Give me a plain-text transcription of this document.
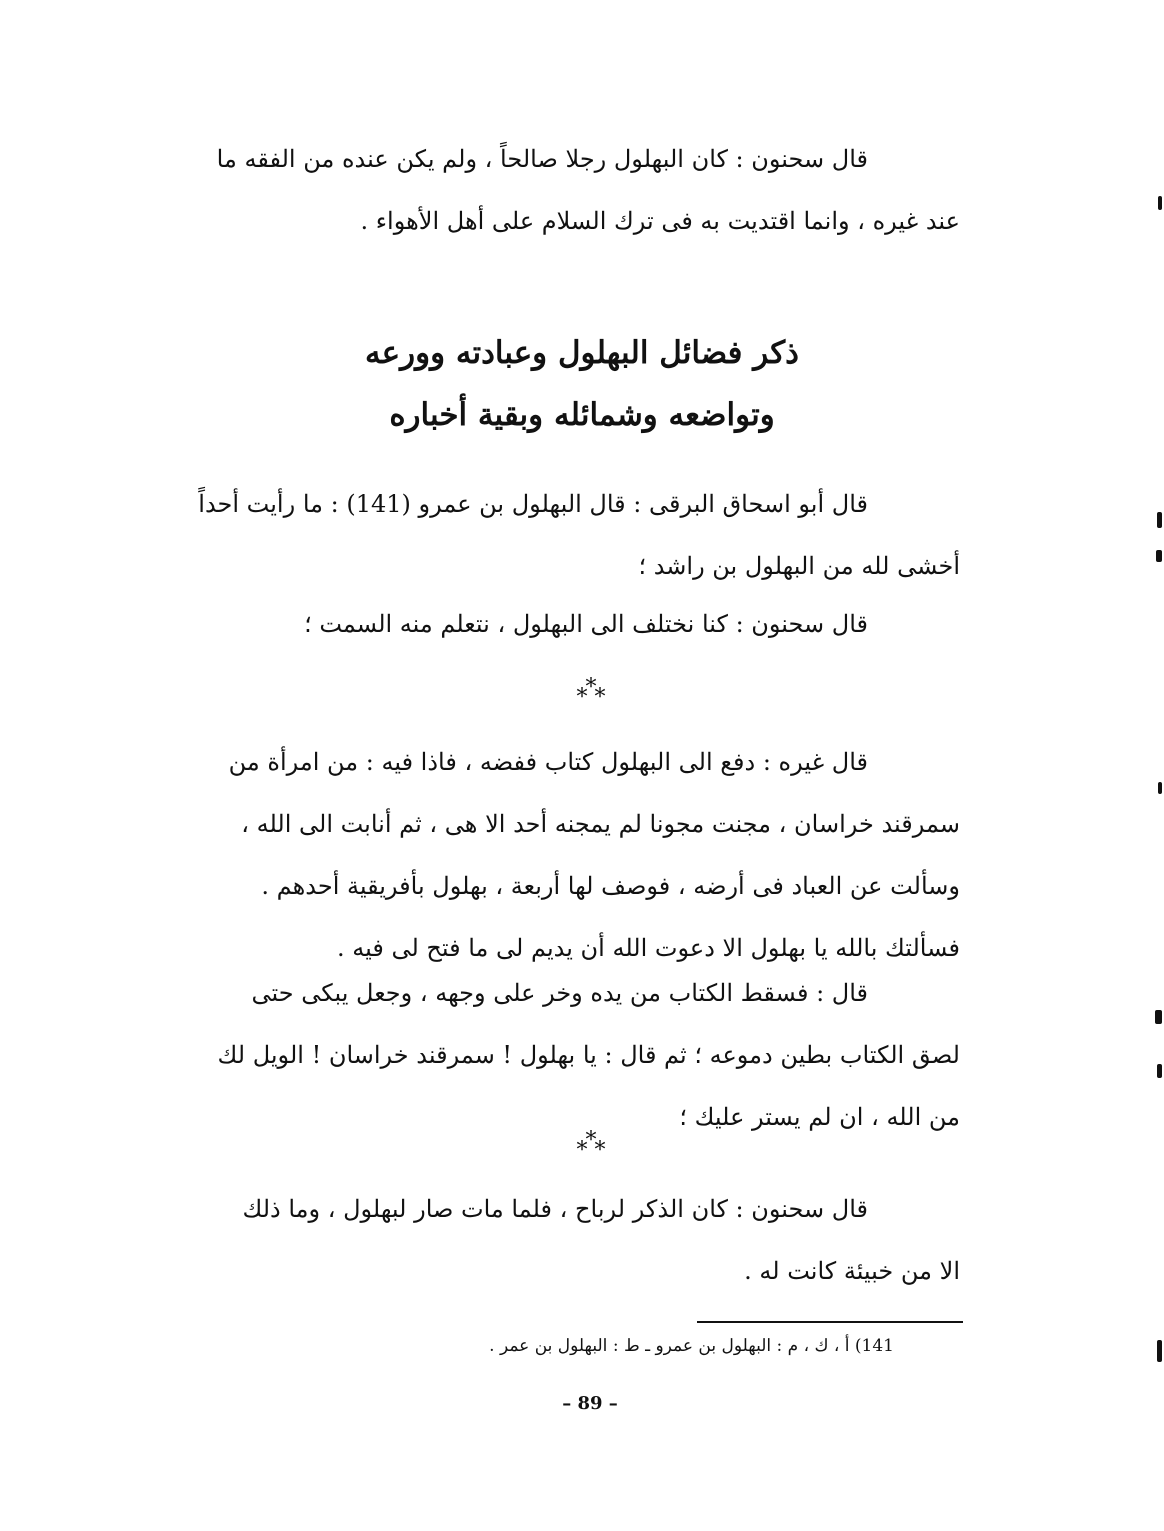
قال سحنون : كان البهلول رجلا صالحاً ، ولم يكن عنده من الفقه ما
عند غيره ، وانما اقتديت به فى ترك السلام على أهل الأهواء .

ذكر فضائل البهلول وعبادته وورعه
وتواضعه وشمائله وبقية أخباره

قال أبو اسحاق البرقى : قال البهلول بن عمرو (141) : ما رأيت أحداً
أخشى لله من البهلول بن راشد ؛

قال سحنون : كنا نختلف الى البهلول ، نتعلم منه السمت ؛

***

قال غيره : دفع الى البهلول كتاب ففضه ، فاذا فيه : من امرأة من
سمرقند خراسان ، مجنت مجونا لم يمجنه أحد الا هى ، ثم أنابت الى الله ،
وسألت عن العباد فى أرضه ، فوصف لها أربعة ، بهلول بأفريقية أحدهم .
فسألتك بالله يا بهلول الا دعوت الله أن يديم لى ما فتح لى فيه .

قال : فسقط الكتاب من يده وخر على وجهه ، وجعل يبكى حتى
لصق الكتاب بطين دموعه ؛ ثم قال : يا بهلول ! سمرقند خراسان ! الويل لك
من الله ، ان لم يستر عليك ؛

***

قال سحنون : كان الذكر لرباح ، فلما مات صار لبهلول ، وما ذلك
الا من خبيئة كانت له .

141) أ ، ك ، م : البهلول بن عمرو ـ ط : البهلول بن عمر .
– 89 –
